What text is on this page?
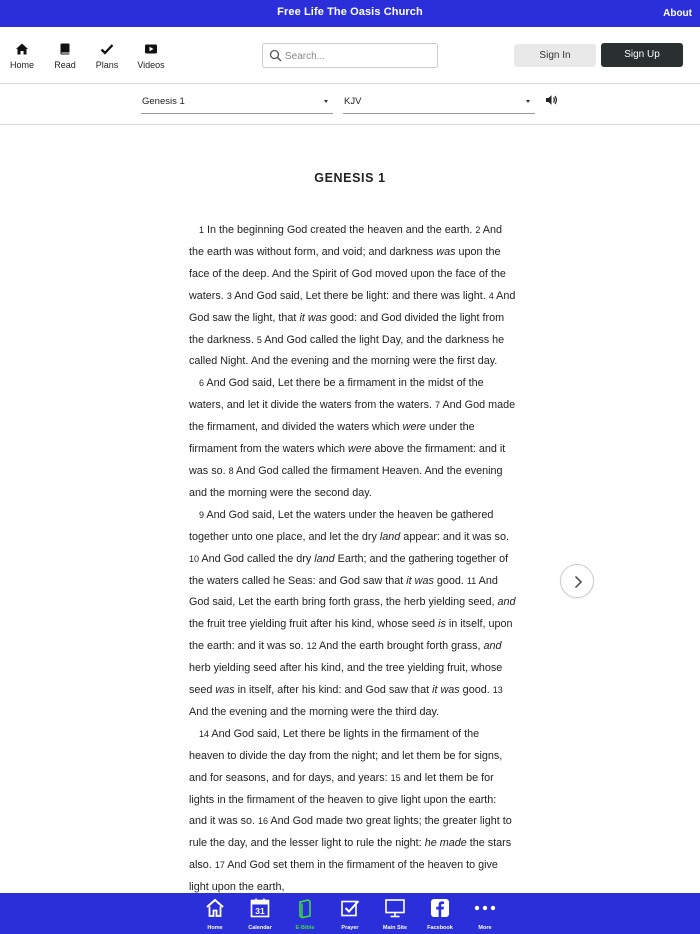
Free Life The Oasis Church	About
Home	Read	Plans	Videos
Search...
Sign In	Sign Up
Genesis 1	KJV
GENESIS 1

1 In the beginning God created the heaven and the earth. 2 And the earth was without form, and void; and darkness was upon the face of the deep. And the Spirit of God moved upon the face of the waters. 3 And God said, Let there be light: and there was light. 4 And God saw the light, that it was good: and God divided the light from the darkness. 5 And God called the light Day, and the darkness he called Night. And the evening and the morning were the first day.

6 And God said, Let there be a firmament in the midst of the waters, and let it divide the waters from the waters. 7 And God made the firmament, and divided the waters which were under the firmament from the waters which were above the firmament: and it was so. 8 And God called the firmament Heaven. And the evening and the morning were the second day.

9 And God said, Let the waters under the heaven be gathered together unto one place, and let the dry land appear: and it was so. 10 And God called the dry land Earth; and the gathering together of the waters called he Seas: and God saw that it was good. 11 And God said, Let the earth bring forth grass, the herb yielding seed, and the fruit tree yielding fruit after his kind, whose seed is in itself, upon the earth: and it was so. 12 And the earth brought forth grass, and herb yielding seed after his kind, and the tree yielding fruit, whose seed was in itself, after his kind: and God saw that it was good. 13 And the evening and the morning were the third day.

14 And God said, Let there be lights in the firmament of the heaven to divide the day from the night; and let them be for signs, and for seasons, and for days, and years: 15 and let them be for lights in the firmament of the heaven to give light upon the earth: and it was so. 16 And God made two great lights; the greater light to rule the day, and the lesser light to rule the night: he made the stars also. 17 And God set them in the firmament of the heaven to give light upon the earth,

Home
31
Calendar	E-Bible	Prayer	Main Site	Facebook	More
